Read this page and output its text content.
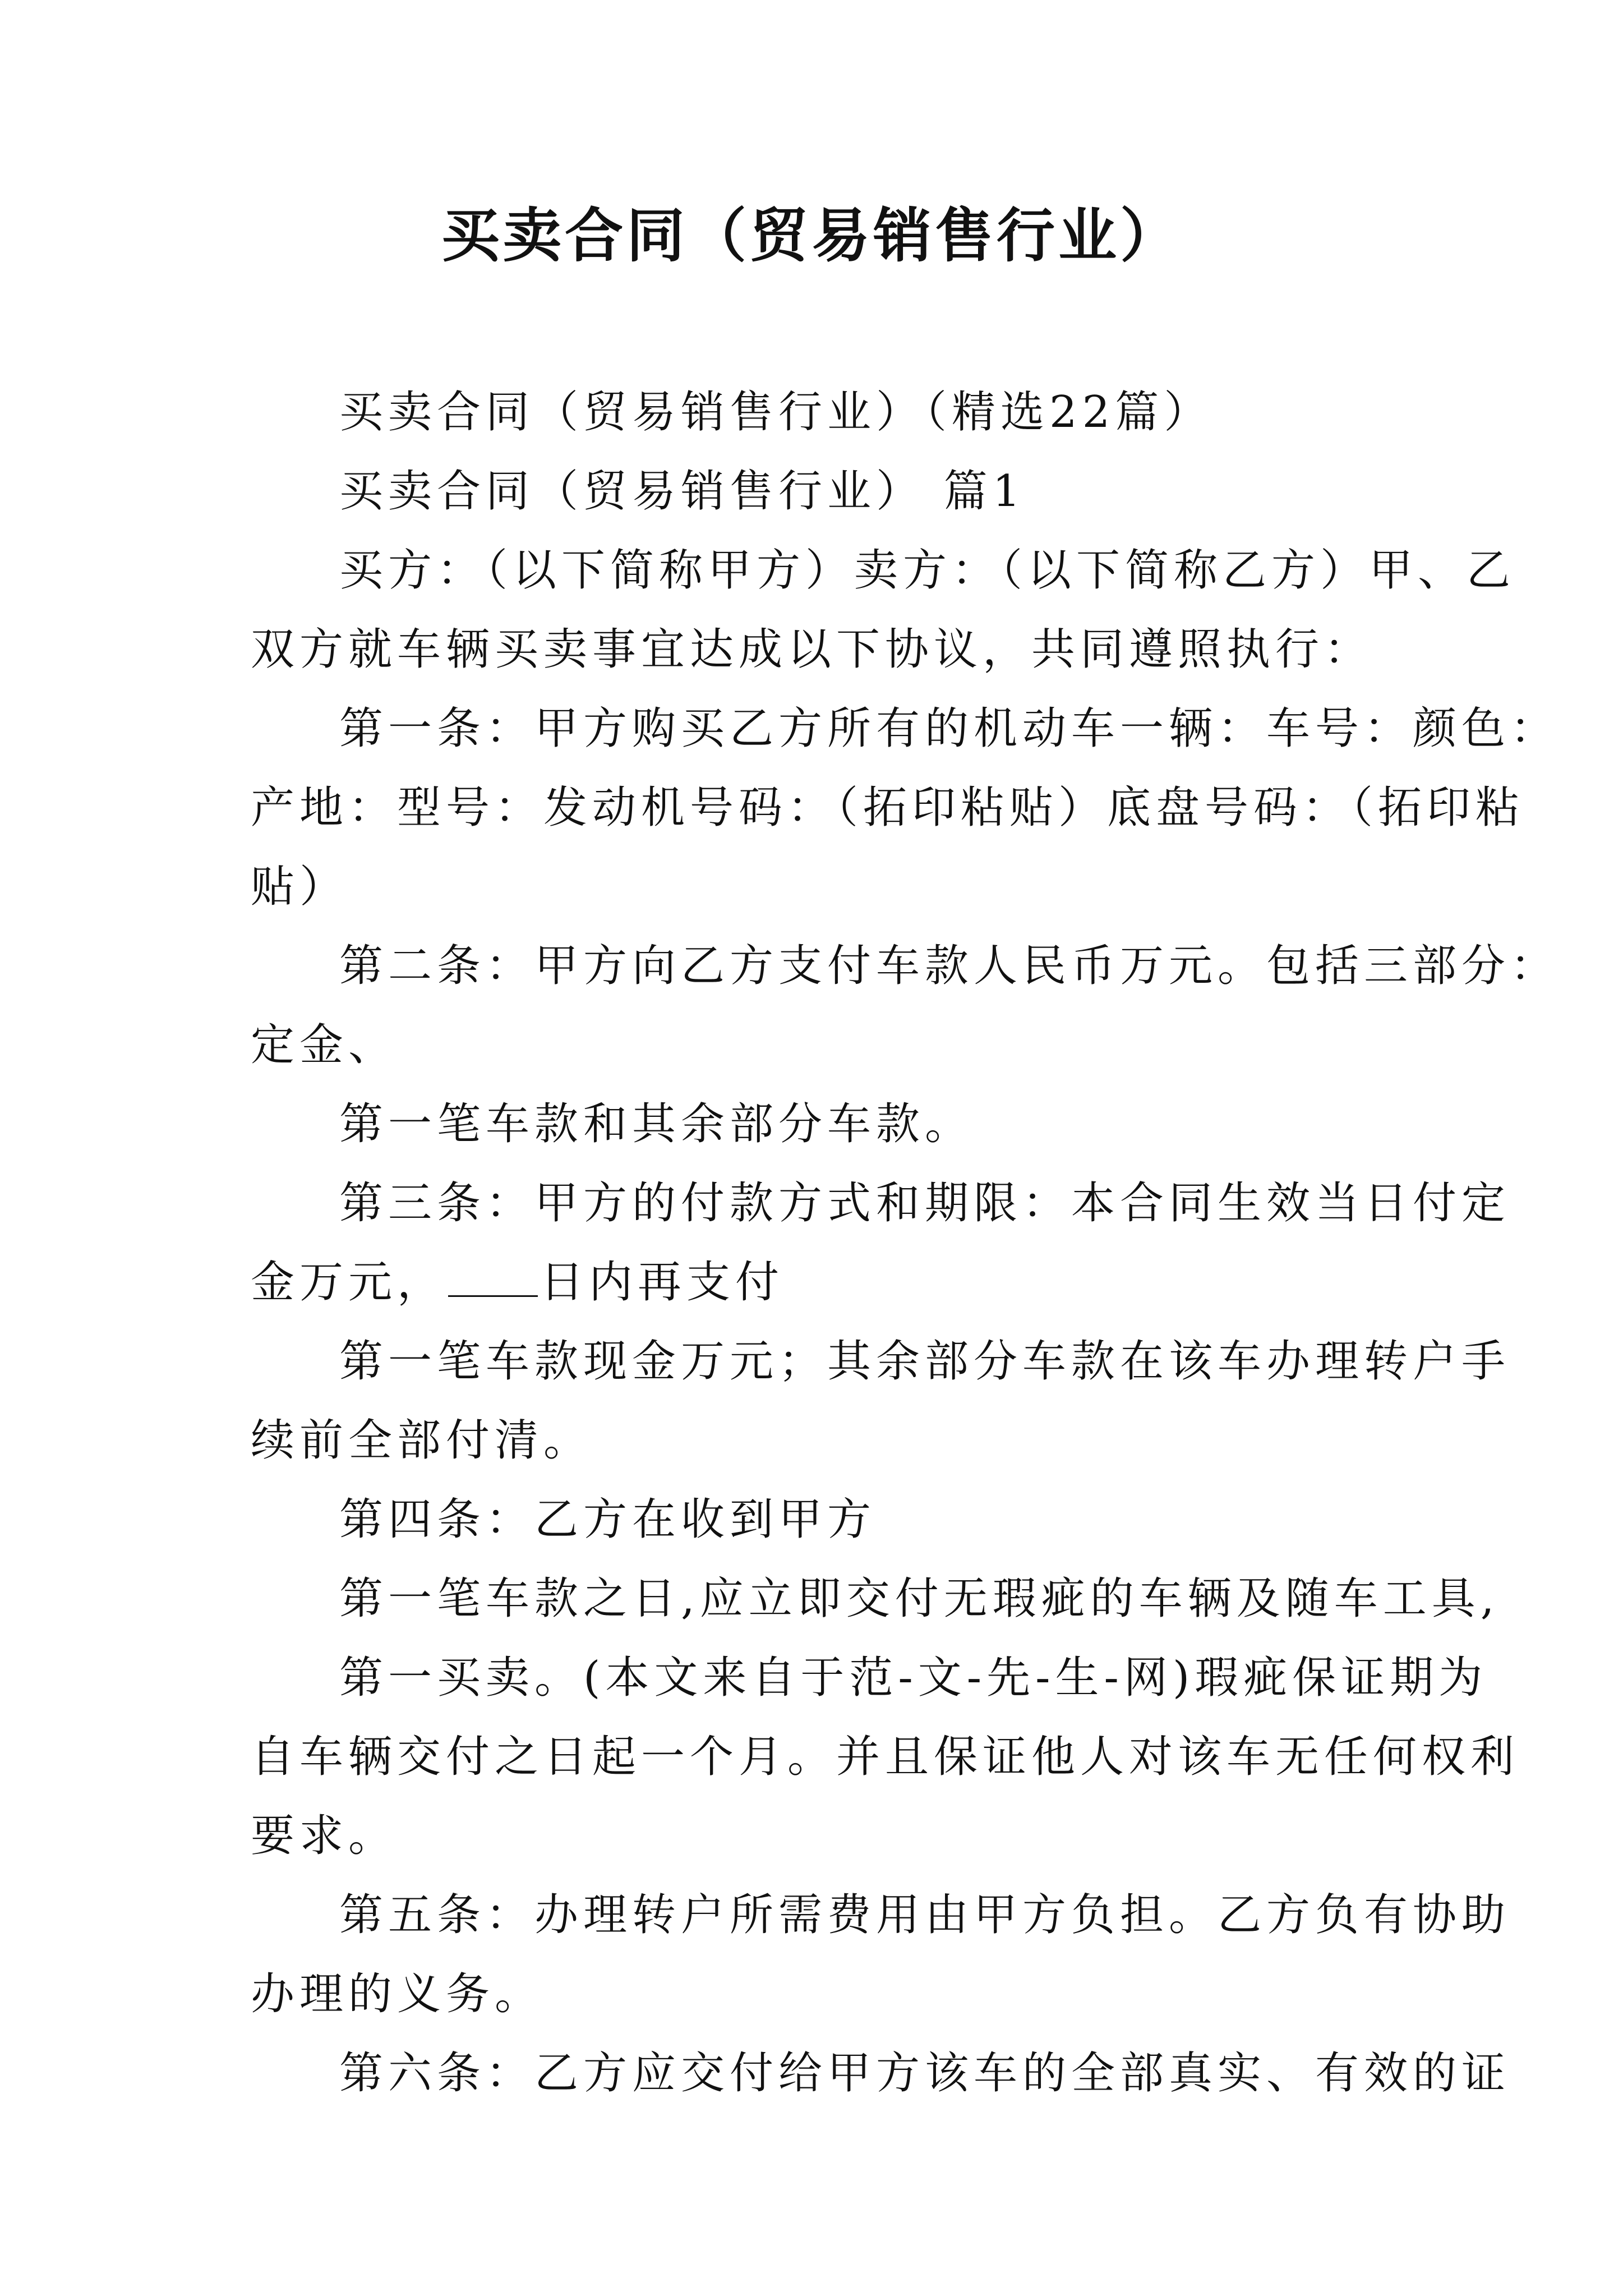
买卖合同（贸易销售行业）

买卖合同（贸易销售行业）（精选22篇）

买卖合同（贸易销售行业） 篇1

买方：（以下简称甲方）卖方：（以下简称乙方）甲、乙

双方就车辆买卖事宜达成以下协议，共同遵照执行：

第一条：甲方购买乙方所有的机动车一辆：车号：颜色：

产地：型号：发动机号码：（拓印粘贴）底盘号码：（拓印粘

贴）

第二条：甲方向乙方支付车款人民币万元。包括三部分：

定金、

第一笔车款和其余部分车款。

第三条：甲方的付款方式和期限：本合同生效当日付定

金万元， 日内再支付

第一笔车款现金万元；其余部分车款在该车办理转户手

续前全部付清。

第四条：乙方在收到甲方

第一笔车款之日,应立即交付无瑕疵的车辆及随车工具,

第一买卖。(本文来自于范-文-先-生-网)瑕疵保证期为

自车辆交付之日起一个月。并且保证他人对该车无任何权利

要求。

第五条：办理转户所需费用由甲方负担。乙方负有协助

办理的义务。

第六条：乙方应交付给甲方该车的全部真实、有效的证
